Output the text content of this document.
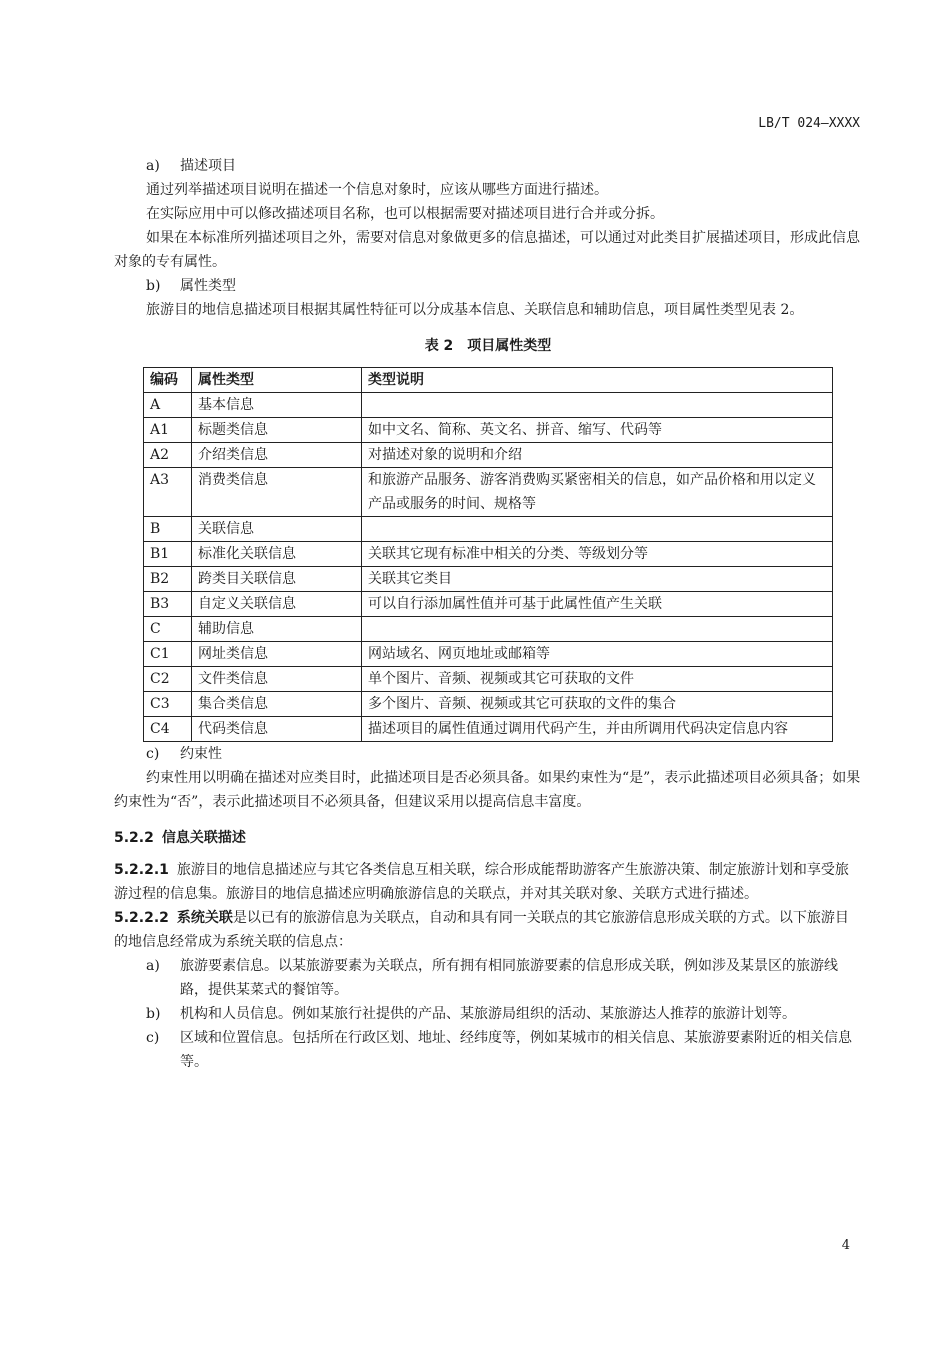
LB/T 024—XXXX

a) 描述项目

通过列举描述项目说明在描述一个信息对象时，应该从哪些方面进行描述。

在实际应用中可以修改描述项目名称，也可以根据需要对描述项目进行合并或分拆。

如果在本标准所列描述项目之外，需要对信息对象做更多的信息描述，可以通过对此类目扩展描述项目，形成此信息对象的专有属性。

b) 属性类型

旅游目的地信息描述项目根据其属性特征可以分成基本信息、关联信息和辅助信息，项目属性类型见表 2。

表 2　项目属性类型
编码	属性类型	类型说明
A	基本信息	
A1	标题类信息	如中文名、简称、英文名、拼音、缩写、代码等
A2	介绍类信息	对描述对象的说明和介绍
A3	消费类信息	和旅游产品服务、游客消费购买紧密相关的信息，如产品价格和用以定义产品或服务的时间、规格等
B	关联信息	
B1	标准化关联信息	关联其它现有标准中相关的分类、等级划分等
B2	跨类目关联信息	关联其它类目
B3	自定义关联信息	可以自行添加属性值并可基于此属性值产生关联
C	辅助信息	
C1	网址类信息	网站域名、网页地址或邮箱等
C2	文件类信息	单个图片、音频、视频或其它可获取的文件
C3	集合类信息	多个图片、音频、视频或其它可获取的文件的集合
C4	代码类信息	描述项目的属性值通过调用代码产生，并由所调用代码决定信息内容

c) 约束性

约束性用以明确在描述对应类目时，此描述项目是否必须具备。如果约束性为“是”，表示此描述项目必须具备；如果约束性为“否”，表示此描述项目不必须具备，但建议采用以提高信息丰富度。

5.2.2 信息关联描述

5.2.2.1 旅游目的地信息描述应与其它各类信息互相关联，综合形成能帮助游客产生旅游决策、制定旅游计划和享受旅游过程的信息集。旅游目的地信息描述应明确旅游信息的关联点，并对其关联对象、关联方式进行描述。

5.2.2.2 系统关联是以已有的旅游信息为关联点，自动和具有同一关联点的其它旅游信息形成关联的方式。以下旅游目的地信息经常成为系统关联的信息点：

a)	旅游要素信息。以某旅游要素为关联点，所有拥有相同旅游要素的信息形成关联，例如涉及某景区的旅游线路，提供某菜式的餐馆等。
b)	机构和人员信息。例如某旅行社提供的产品、某旅游局组织的活动、某旅游达人推荐的旅游计划等。
c)	区域和位置信息。包括所在行政区划、地址、经纬度等，例如某城市的相关信息、某旅游要素附近的相关信息等。
4
